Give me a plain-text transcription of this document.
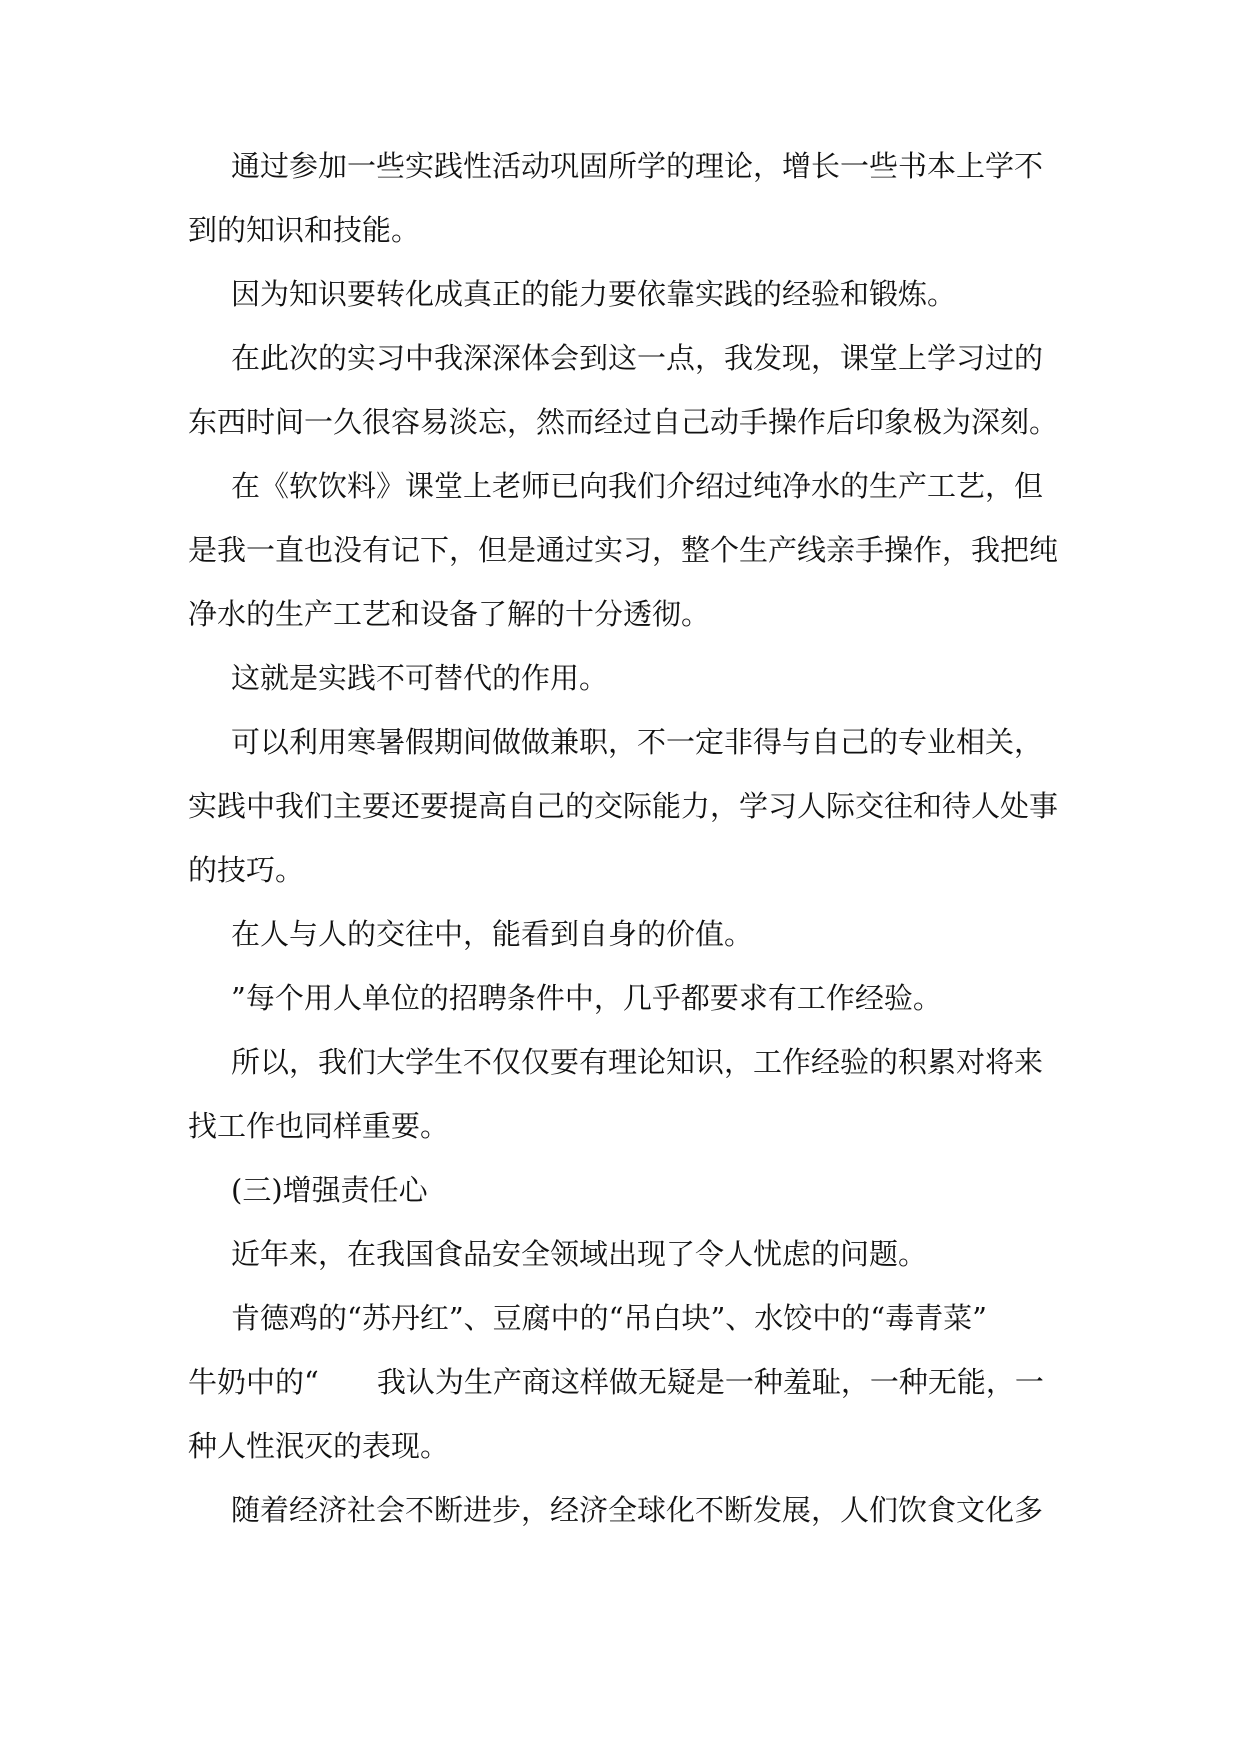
通过参加一些实践性活动巩固所学的理论，增长一些书本上学不
到的知识和技能。
因为知识要转化成真正的能力要依靠实践的经验和锻炼。
在此次的实习中我深深体会到这一点，我发现，课堂上学习过的
东西时间一久很容易淡忘，然而经过自己动手操作后印象极为深刻。
在《软饮料》课堂上老师已向我们介绍过纯净水的生产工艺，但
是我一直也没有记下，但是通过实习，整个生产线亲手操作，我把纯
净水的生产工艺和设备了解的十分透彻。
这就是实践不可替代的作用。
可以利用寒暑假期间做做兼职，不一定非得与自己的专业相关，
实践中我们主要还要提高自己的交际能力，学习人际交往和待人处事
的技巧。
在人与人的交往中，能看到自身的价值。
”每个用人单位的招聘条件中，几乎都要求有工作经验。
所以，我们大学生不仅仅要有理论知识，工作经验的积累对将来
找工作也同样重要。
(三)增强责任心
近年来，在我国食品安全领域出现了令人忧虑的问题。
肯德鸡的“苏丹红”、豆腐中的“吊白块”、水饺中的“毒青菜”
牛奶中的“　　我认为生产商这样做无疑是一种羞耻，一种无能，一
种人性泯灭的表现。
随着经济社会不断进步，经济全球化不断发展，人们饮食文化多
